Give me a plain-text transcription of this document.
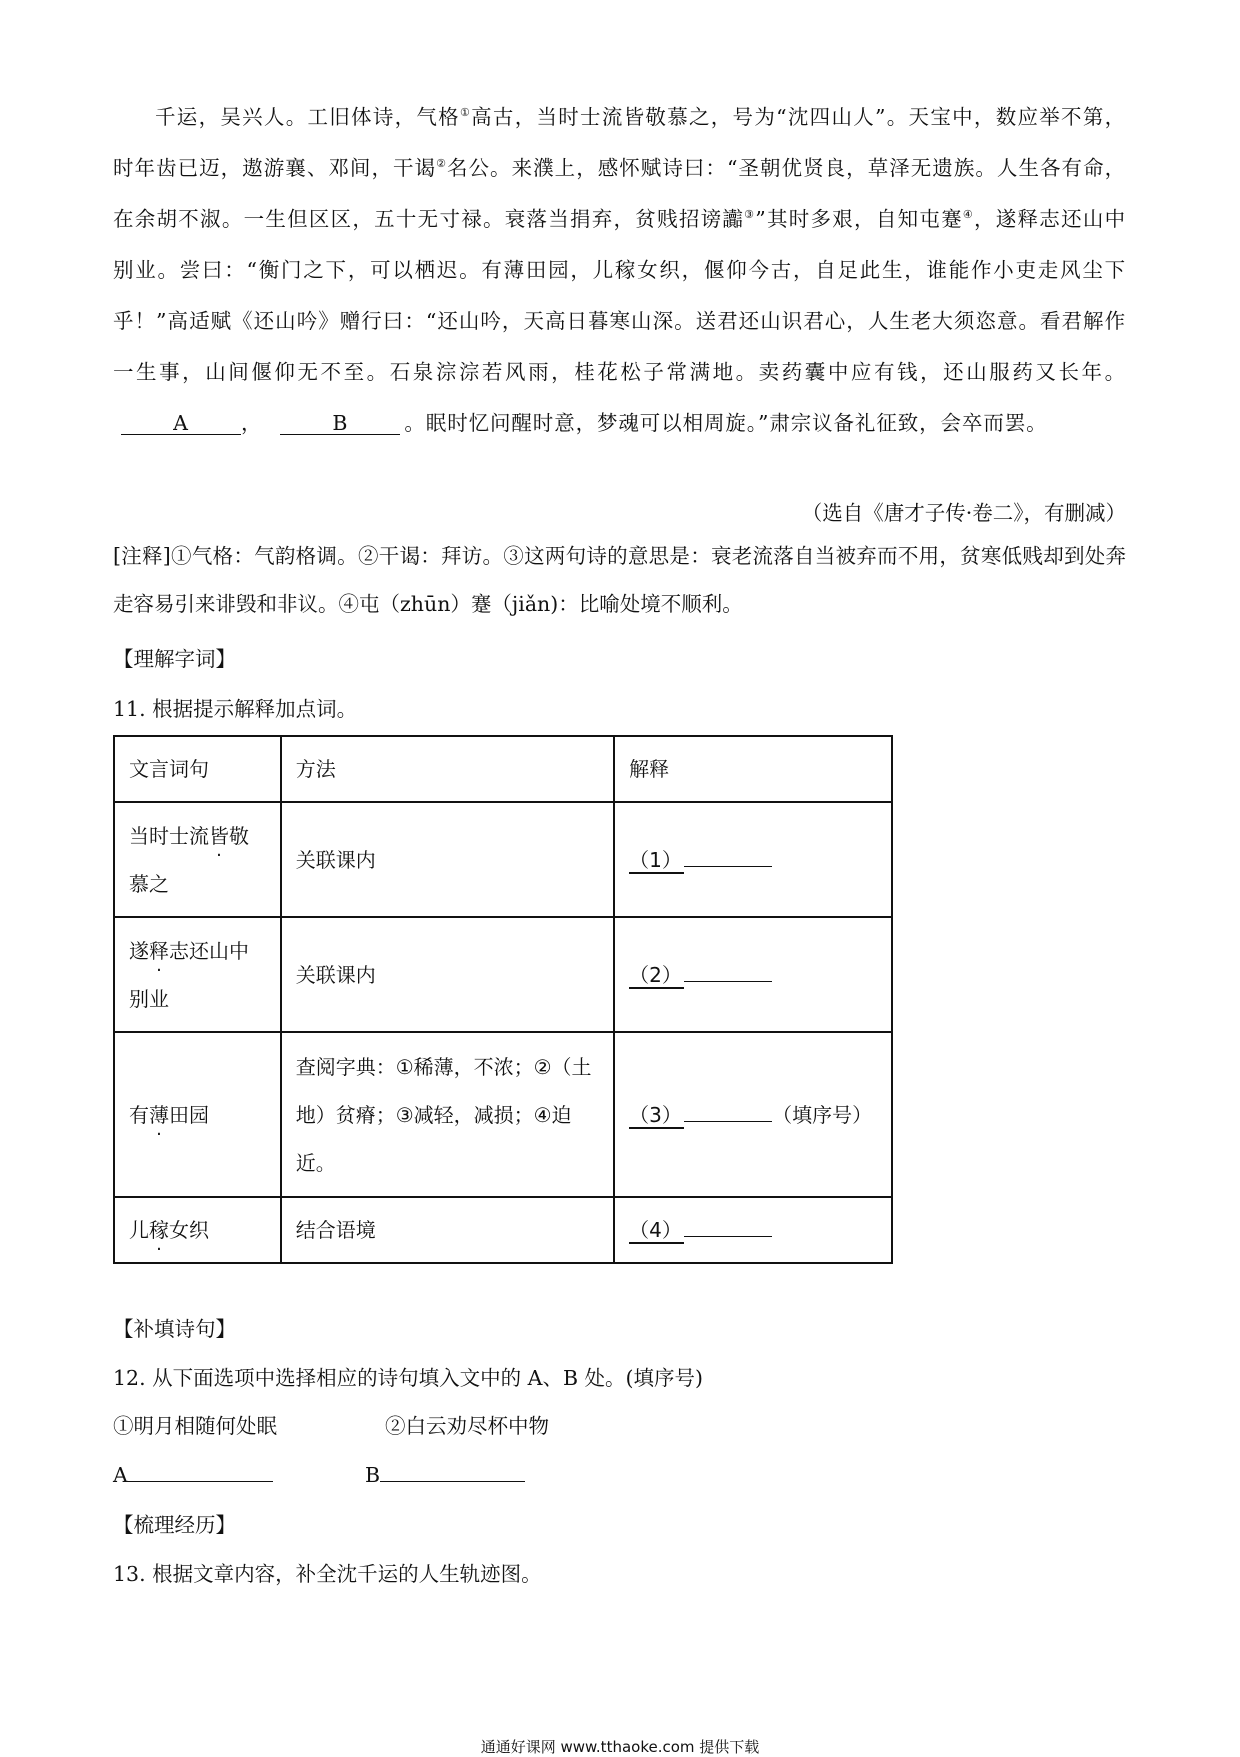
千运，吴兴人。工旧体诗，气格①高古，当时士流皆敬慕之，号为“沈四山人”。天宝中，数应举不第，时年齿已迈，遨游襄、邓间，干谒②名公。来濮上，感怀赋诗曰：“圣朝优贤良，草泽无遗族。人生各有命，在余胡不淑。一生但区区，五十无寸禄。衰落当捐弃，贫贱招谤讟③”其时多艰，自知屯蹇④，遂释志还山中别业。尝曰：“衡门之下，可以栖迟。有薄田园，儿稼女织，偃仰今古，自足此生，谁能作小吏走风尘下乎！”高适赋《还山吟》赠行曰：“还山吟，天高日暮寒山深。送君还山识君心，人生老大须恣意。看君解作一生事，山间偃仰无不至。石泉淙淙若风雨，桂花松子常满地。卖药囊中应有钱，还山服药又长年。A	，	B	。眠时忆问醒时意，梦魂可以相周旋。”肃宗议备礼征致，会卒而罢。

（选自《唐才子传·卷二》，有删减）

[注释]①气格：气韵格调。②干谒：拜访。③这两句诗的意思是：衰老流落自当被弃而不用，贫寒低贱却到处奔走容易引来诽毁和非议。④屯（zhūn）蹇（jiǎn)：比喻处境不顺利。

【理解字词】

11. 根据提示解释加点词。

文言词句	方法	解释
当时士流皆敬慕之	关联课内	（1）
遂释志还山中别业	关联课内	（2）
有薄田园	查阅字典：①稀薄，不浓；②（土地）贫瘠；③减轻，减损；④迫近。	（3） （填序号）
儿稼女织	结合语境	（4）

【补填诗句】

12. 从下面选项中选择相应的诗句填入文中的 A、B 处。(填序号)

①明月相随何处眠	②白云劝尽杯中物

A	B

【梳理经历】

13. 根据文章内容，补全沈千运的人生轨迹图。

通通好课网 www.tthaoke.com 提供下载
